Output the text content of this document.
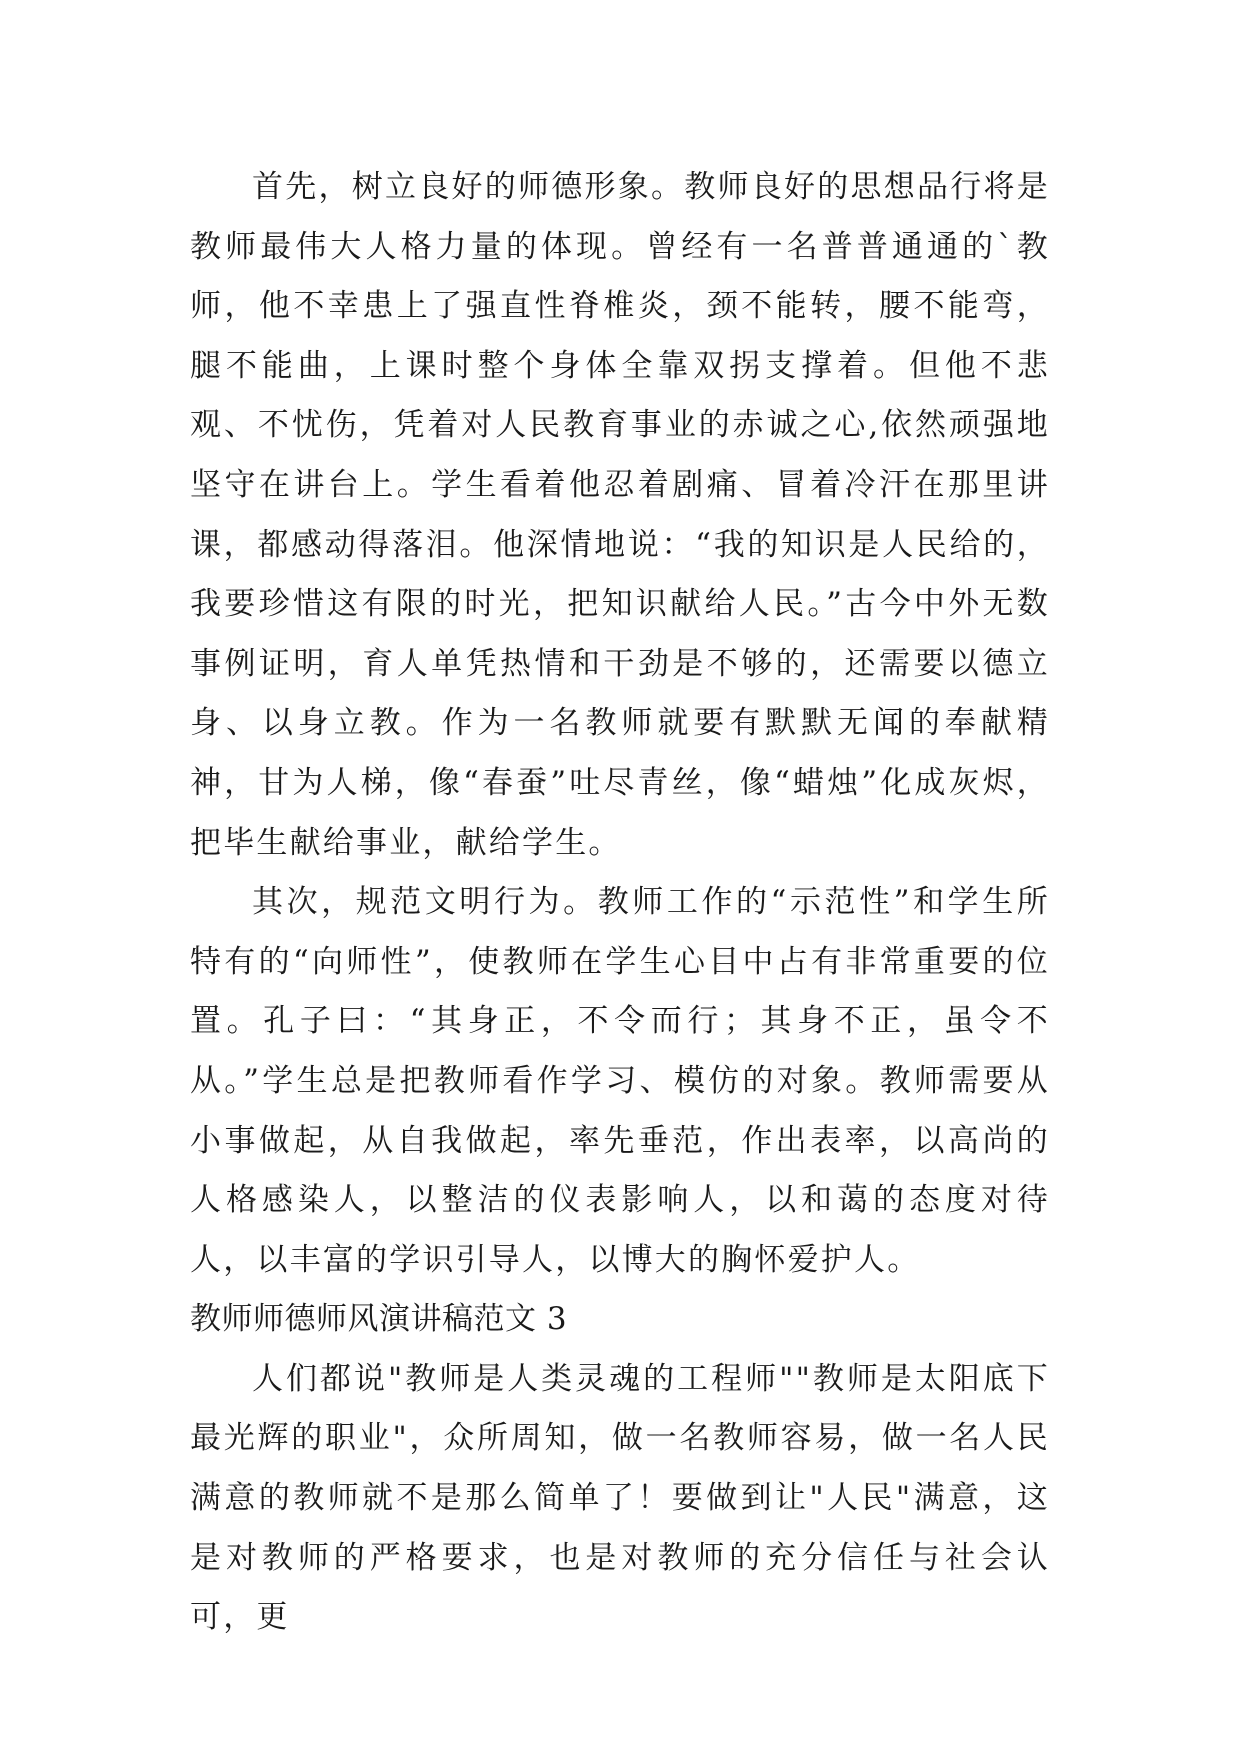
首先，树立良好的师德形象。教师良好的思想品行将是教师最伟大人格力量的体现。曾经有一名普普通通的`教师，他不幸患上了强直性脊椎炎，颈不能转，腰不能弯，腿不能曲，上课时整个身体全靠双拐支撑着。但他不悲观、不忧伤，凭着对人民教育事业的赤诚之心,依然顽强地坚守在讲台上。学生看着他忍着剧痛、冒着冷汗在那里讲课，都感动得落泪。他深情地说：“我的知识是人民给的，我要珍惜这有限的时光，把知识献给人民。”古今中外无数事例证明，育人单凭热情和干劲是不够的，还需要以德立身、以身立教。作为一名教师就要有默默无闻的奉献精神，甘为人梯，像“春蚕”吐尽青丝，像“蜡烛”化成灰烬，把毕生献给事业，献给学生。

其次，规范文明行为。教师工作的“示范性”和学生所特有的“向师性”，使教师在学生心目中占有非常重要的位置。孔子曰：“其身正，不令而行；其身不正，虽令不从。”学生总是把教师看作学习、模仿的对象。教师需要从小事做起，从自我做起，率先垂范，作出表率，以高尚的人格感染人，以整洁的仪表影响人，以和蔼的态度对待人，以丰富的学识引导人，以博大的胸怀爱护人。

教师师德师风演讲稿范文 3

人们都说"教师是人类灵魂的工程师""教师是太阳底下最光辉的职业"，众所周知，做一名教师容易，做一名人民满意的教师就不是那么简单了！要做到让"人民"满意，这是对教师的严格要求，也是对教师的充分信任与社会认可，更
